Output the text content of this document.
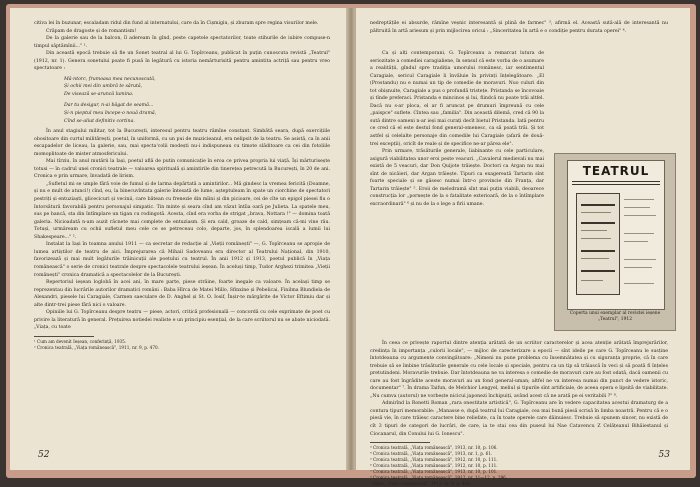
citiva lei în buzunar, escaladam ridul din fund al internatului, care da în Cișmigiu, și zburam spre regina visurilor mele.

Crăpam de dragoste și de romantism!

De la galerie sau de la balcon, îl adeream în gînd, peste capetele spectatorilor, toate stihurile de iubire compuse-n timpul săptămînii..." ¹.

Din această epocă trebuie să fie un Sonet teatral al lui G. Topîrceanu, publicat în puțin cunoscuta revistă „Teatrul" (1912, nr. 1). Genera sonetului poate fi pusă în legătură cu istoria nemărturisită pentru amintita actriță sau pentru vreo spectatoare :

Mă-ntorc, frumoasa mea necunoscută,

Și ochii mei din umbră te sărută,

De visează se-aruncă lumina.

Dar tu desigur, n-ai băgat de seamă...

Și-n pieptul meu începe-o nouă dramă,

Cînd se-aliut definitiv cortina.

În anul stagiului militar, tot la București, interesul pentru teatru rămîne constant. Simbătă seara, după exercițiile obositoare din curtul militărești, poetul, în uniformă, cu un pui de muzicieanul, era nelipsit de la teatru. Se asistă, ca în anii escapadelor de liceau, la galerie, sau, mai specta'colii modești nu-i indispuneau cu timote slăditoare ca cei din fotoliile momoplitoate de mister atmosfericului.

Mai tîrziu, în anul mutării la Iași, poetul află de putin comunicație în eroa ce privea propria lui viață. Își mărturisește totusi — în cadrul unei cronici teatrale — valoarea spirituală și amintirile din tinerețea petrecută la București, în 20 de ani. Cronica e prin urmare, învadată de lirism.

„Sufletul mi se umple fără voie de fumul și de larma depărtată a amintirilor... Mă gindesc la vremea fericită (Doamne, și nu e mult de atunci!) cînd, eu, la binecuvîntata galerie întesată de lume, așteptuleam în spate un ciorchine de spectatori pestriți și entuziaști, glicecicuri și vecinii, care bătean cu frenezie din mîini și din picioare, cei de cîte un epigol piesei fiu o întorsătură favorabilă pentru personajul simpatic. Tin minte și seara cînd am văzut întîia oară pe Julieta. La spatele meu, sus pe bancă, sta din întîmplare un tigan cu rodingotă. Acesta, cînd era vorba de strigat „brava, Nottara !" — domina toată galeria. Nicioadată n-am auzit răcnete mai complete de entuziasm. Și era cald, groaze de cald, simțeam că-mi vine rău. Totuși, urmăream cu ochii sufletul meu cele ce se petreceau colo, departe, jos, în splendoarea iscală a lumii lui Shakespeare..." ².

Instalat la Iași în toamna anului 1911 — ca secretar de redacție al „Vieții românești" —, G. Topîrceanu se apropie de lumea artiștilor de teatru de aici. Împrejurarea că Mihail Sadoveanu era director al Teatrului Național, din 1910, favorizează și mai mult legăturile trăinicuții ale poetului cu teatrul. În anii 1912 și 1913, poetul publică în „Viața românească" o serie de cronici teatrale despre spectacolele teatrului ieșean. În aceluși timp, Tudor Arghezi trimitea „Vieții românești" cronica dramatică a spectacolelor de la București.

Repertoriul ieșean loglobă în acei ani, în mare parte, piese străine, foarte inegale ca valoare. În același timp se reprezentau din lucrările autorilor dramatici români : Baba Hîrca de Matei Millo, Sfinxine și Pebelicai, Finilma Blundiela de Alexandri, piesele lui Caragiale, Carmen saeculare de D. Anghel și St. O. Iosif, Înșir-te mărgărite de Victor Eftimiu dar și alte dintr-trei piese fără nici o valoare.

Opiniile lui G. Topîrceanu despre teatru — piese, actori, critică profesională — concordă cu cele exprimate de poet cu privire la literatură în general. Prețuirea notiedei realiste e un principiu esențial, de la care scriitorul nu se abate niciodată. „Viața, cu toate

¹ Cum am devenit Ieșean, conferință, 1935.

² Cronica teatrală, „Viața românească", 1911, nr. 9, p. 470.

52

nedreptățile ei absurde, rămîne veșnic interesantă și plină de farmec" ³, afirmă el. Această sută-ală de interesantă nu păltruită în artă ariesum și prin mijlocirea oricui : „Sinceritatea în artă e o condiție pentru durata operei" ⁴.

Ca și alți contemporani, G. Topîrceanu a remarcat lutura de seriozitate a comediei caragialiene, în sensul că este vorba de o asumare a realității, gîndul spre tradiția umorului românesc, iar sentimentul Caragiale, sericul Caragiale li învăluie în privinți înțelegătoare. „El (Prostandu) nu e numai un tip de comedie de moravuri. Nuo culuri din tot obișnuite, Caragiale a pus o profundă tristețe. Pristanda se încovoaie și tînde preferaci. Pristanda e mincinos și lui, fiindcă nu poate trăi altfel. Dacă nu s-ar ploca, el ar fi aruncat pe drumuri împreună cu cele „paispce" suflete. Cîntea sau „familia". Din această dilemă, cred că 90 la sută dintre oameni n-ar ieși mai curați decît bietul Pristanda. Iată pentru ce cred că el este destul fond general-omenesc, ca să poată trăi. Și tot astfel și celelalte personaje din comedile lui Caragiale (afară de două-trei excepții), oricît de reale și de specifice ne-ar părea ele".

Prin urmare, trăsăturile generale, liabinante cu cele particulare, asigură viabilitatea unor eroi peste veacuri. „Cavalerul medievali nu mai există de 5 veacuri, dar Don Quijote trăiește. Doctori ca Argan nu mai sînt de nicăieri, dar Argan trăiește. Tipuri ca exagereată Tartarin sînt foarte speciale și se găsesc numai într-o provincie din Franța, dar Tartarin trăiește" ⁵. Eroii de melodramă sînt mai puțin viabili, deoarece construcția lor „pornește de la o fatalitate exterioară, de la o întîmplare excraordinară" ⁶ și nu de la o lege a firii umane.

TEATRUL
Coperta unui exemplar al revistei ieșene „Teatrul", 1912

În ceea ce privește raportul dintre atenția arătată de un scriitor caracterelor și acea atenție arătată împrejurărilor, credința în importanța „culorii locale", — mijloc de carecterizare a epocii — sînt ideile pe care G. Topîrceanu le susține întotdeauna cu argumente convingătoare: „Nimeni nu pune problema cu însemnătatea și cu siguranța proprie, că în care trebuie să se îmbine trăsăturile generale cu cele locale și speciale, pentru ca un tip să trăiască în veci și să poată fi înțeles pretutindeni. Moravurile trebuie. Dar întotdeauna ne va interesa o comedie de moravuri care au fost odată, dacă oamenii cu care au fost îngrădite aceste moravuri au un fond general-uman; altfel ne va interesa numai din punct de vedere istoric, documentar" ⁷. În drama Taifun, de Melchior Lengyel, meliul și tipurile sînt artificiale, de aceea opera e lipsită de viabilitate. „Nu cumva (autorul) ne vorbește nicicui japonezi închipuiți, având acest că ne arată pe ei veritabili ?" ⁸.

Admirînd la Ronetti Roman „rara onestitate artistică", G. Topîrceanu are în vedere capacitatea acestui dramaturg de a contura tipuri memorabile: „Manasse e, după teatrul lui Caragiale, cea mai bună piesă scrisă în limba noastră. Pentru că e o piesă vie, în care trăiesc caractere bine reliefate, ca în toate operele care dăinuiesc. Trebuie să spunem sincer, nu există de cît 3 tipuri de categori de lucrări, de care, ia te stai cea din puseul lui Nae Catavencu Z Celățeanul Bihăiestanul și Ciocanarul, din Conului lui G. Ionescu".

³ Cronica teatrală, „Viața românească", 1913, nr. 10, p. 106.

⁴ Cronica teatrală, „Viața românească", 1913, nr. 1, p. 61.

⁵ Cronica teatrală, „Viața românească", 1912, nr. 10, p. 111.

⁶ Cronica teatrală, „Viața românească", 1912, nr. 10, p. 111.

⁷ Cronica teatrală, „Viața românească", 1913, nr. 10, p. 101.

⁸ Cronica teatrală, „Viața românească", 1912, nr. 11—12, p. 296.

⁹ Idem, „Viața românească", 1912, nr. 9, p. 409.

53
